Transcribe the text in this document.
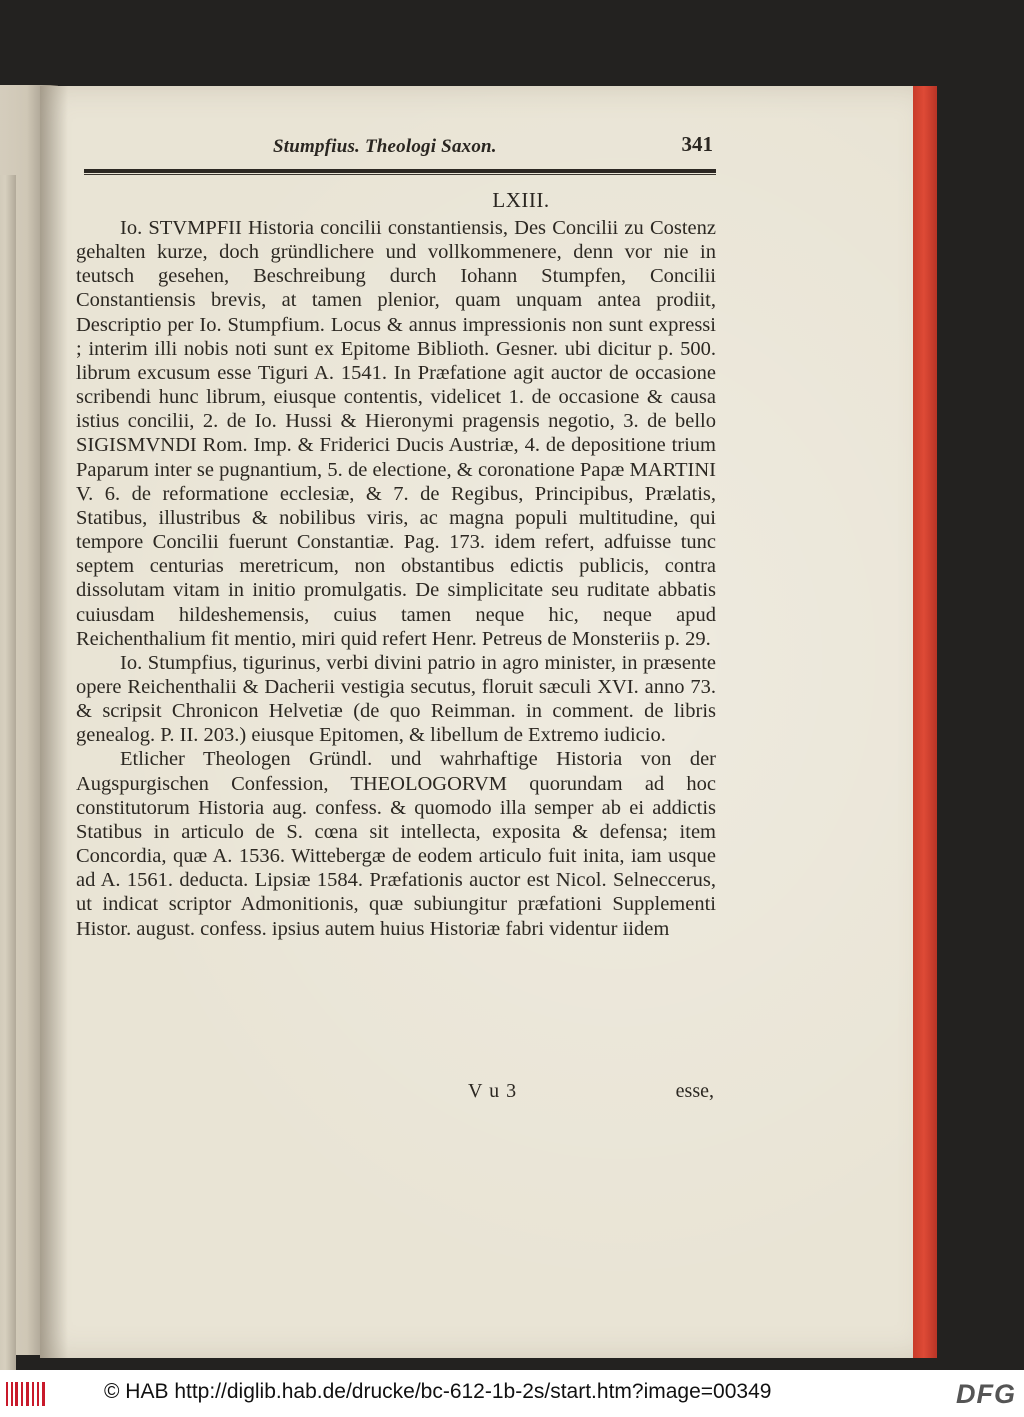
Stumpfius. Theologi Saxon.	341
LXIII.

Io. STVMPFII Historia concilii constantiensis, Des Concilii zu Costenz gehalten kurze, doch gründlichere und vollkommenere, denn vor nie in teutsch gesehen, Beschreibung durch Iohann Stumpfen, Concilii Constantiensis brevis, at tamen plenior, quam unquam antea prodiit, Descriptio per Io. Stumpfium. Locus & annus impressionis non sunt expressi ; interim illi nobis noti sunt ex Epitome Biblioth. Gesner. ubi dicitur p. 500. librum excusum esse Tiguri A. 1541. In Præfatione agit auctor de occasione scribendi hunc librum, eiusque contentis, videlicet 1. de occasione & causa istius concilii, 2. de Io. Hussi & Hieronymi pragensis negotio, 3. de bello SIGISMVNDI Rom. Imp. & Friderici Ducis Austriæ, 4. de depositione trium Paparum inter se pugnantium, 5. de electione, & coronatione Papæ MARTINI V. 6. de reformatione ecclesiæ, & 7. de Regibus, Principibus, Prælatis, Statibus, illustribus & nobilibus viris, ac magna populi multitudine, qui tempore Concilii fuerunt Constantiæ. Pag. 173. idem refert, adfuisse tunc septem centurias meretricum, non obstantibus edictis publicis, contra dissolutam vitam in initio promulgatis. De simplicitate seu ruditate abbatis cuiusdam hildeshemensis, cuius tamen neque hic, neque apud Reichenthalium fit mentio, miri quid refert Henr. Petreus de Monsteriis p. 29.

Io. Stumpfius, tigurinus, verbi divini patrio in agro minister, in præsente opere Reichenthalii & Dacherii vestigia secutus, floruit sæculi XVI. anno 73. & scripsit Chronicon Helvetiæ (de quo Reimman. in comment. de libris genealog. P. II. 203.) eiusque Epitomen, & libellum de Extremo iudicio.

Etlicher Theologen Gründl. und wahrhaftige Historia von der Augspurgischen Confession, THEOLOGORVM quorundam ad hoc constitutorum Historia aug. confess. & quomodo illa semper ab ei addictis Statibus in articulo de S. cœna sit intellecta, exposita & defensa; item Concordia, quæ A. 1536. Wittebergæ de eodem articulo fuit inita, iam usque ad A. 1561. deducta. Lipsiæ 1584. Præfationis auctor est Nicol. Selneccerus, ut indicat scriptor Admonitionis, quæ subiungitur præfationi Supplementi Histor. august. confess. ipsius autem huius Historiæ fabri videntur iidem

V u 3	esse,
© HAB http://diglib.hab.de/drucke/bc-612-1b-2s/start.htm?image=00349	DFG
